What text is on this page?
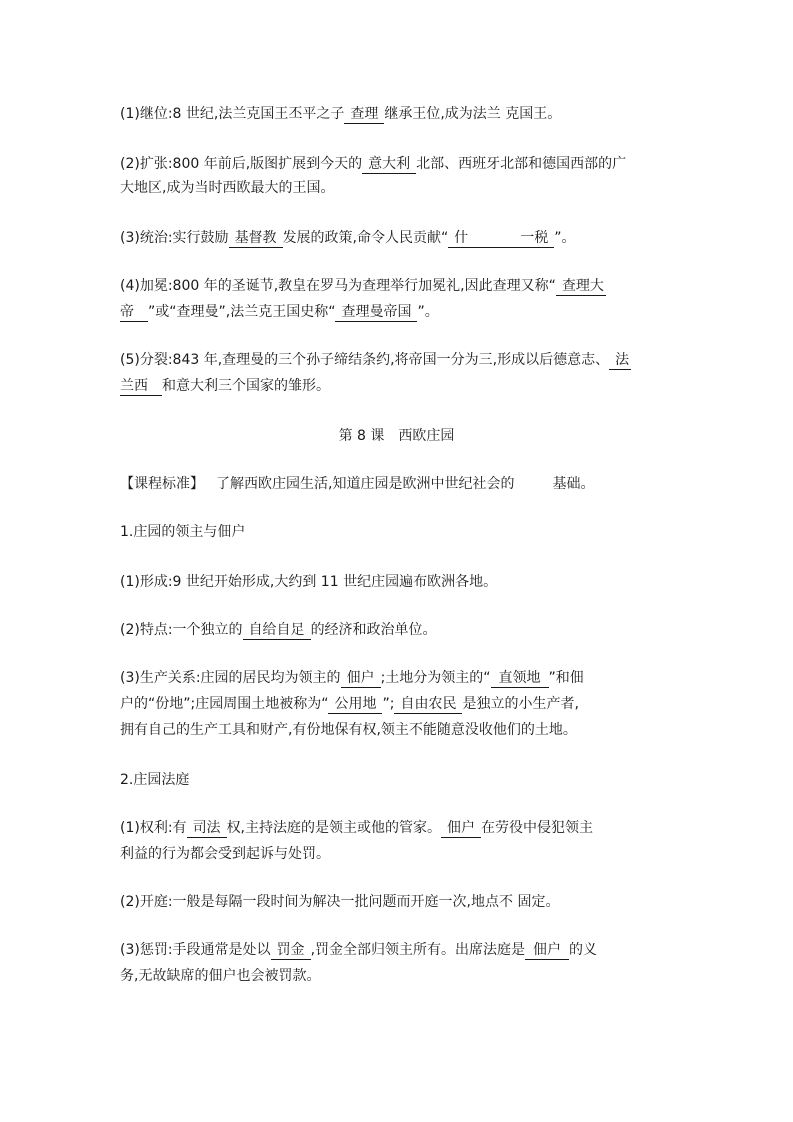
(1)继位:8 世纪,法兰克国王丕平之子 查理 继承王位,成为法兰 克国王。
(2)扩张:800 年前后,版图扩展到今天的 意大利 北部、西班牙北部和德国西部的广
大地区,成为当时西欧最大的王国。
(3)统治:实行鼓励 基督教 发展的政策,命令人民贡献“ 什	一税 ”。
(4)加冕:800 年的圣诞节,教皇在罗马为查理举行加冕礼,因此查理又称“ 查理大
帝 ”或“查理曼”,法兰克王国史称“ 查理曼帝国 ”。
(5)分裂:843 年,查理曼的三个孙子缔结条约,将帝国一分为三,形成以后德意志、 法
兰西 和意大利三个国家的雏形。
第 8 课　西欧庄园
【课程标准】 了解西欧庄园生活,知道庄园是欧洲中世纪社会的	基础。
1.庄园的领主与佃户
(1)形成:9 世纪开始形成,大约到 11 世纪庄园遍布欧洲各地。
(2)特点:一个独立的 自给自足 的经济和政治单位。
(3)生产关系:庄园的居民均为领主的 佃户 ;土地分为领主的“ 直领地 ”和佃
户的“份地”;庄园周围土地被称为“ 公用地 ”; 自由农民 是独立的小生产者,
拥有自己的生产工具和财产,有份地保有权,领主不能随意没收他们的土地。
2.庄园法庭
(1)权利:有 司法 权,主持法庭的是领主或他的管家。 佃户 在劳役中侵犯领主
利益的行为都会受到起诉与处罚。
(2)开庭:一般是每隔一段时间为解决一批问题而开庭一次,地点不 固定。
(3)惩罚:手段通常是处以 罚金 ,罚金全部归领主所有。出席法庭是 佃户 的义
务,无故缺席的佃户也会被罚款。
